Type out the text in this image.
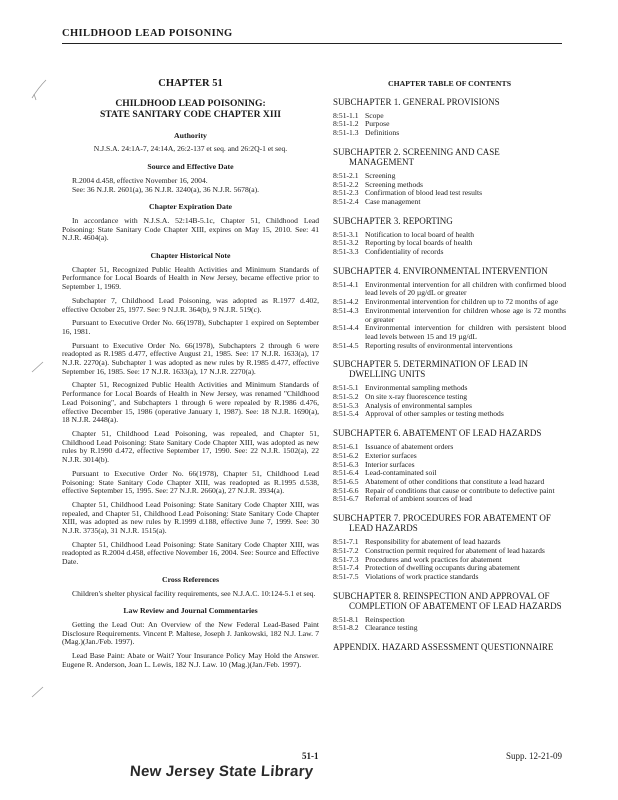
CHILDHOOD LEAD POISONING
CHAPTER 51
CHILDHOOD LEAD POISONING:
STATE SANITARY CODE CHAPTER XIII
Authority

N.J.S.A. 24:1A-7, 24:14A, 26:2-137 et seq. and 26:2Q-1 et seq.

Source and Effective Date

R.2004 d.458, effective November 16, 2004.

See: 36 N.J.R. 2601(a), 36 N.J.R. 3240(a), 36 N.J.R. 5678(a).

Chapter Expiration Date

In accordance with N.J.S.A. 52:14B-5.1c, Chapter 51, Childhood Lead Poisoning: State Sanitary Code Chapter XIII, expires on May 15, 2010. See: 41 N.J.R. 4604(a).

Chapter Historical Note

Chapter 51, Recognized Public Health Activities and Minimum Standards of Performance for Local Boards of Health in New Jersey, became effective prior to September 1, 1969.

Subchapter 7, Childhood Lead Poisoning, was adopted as R.1977 d.402, effective October 25, 1977. See: 9 N.J.R. 364(b), 9 N.J.R. 519(c).

Pursuant to Executive Order No. 66(1978), Subchapter 1 expired on September 16, 1981.

Pursuant to Executive Order No. 66(1978), Subchapters 2 through 6 were readopted as R.1985 d.477, effective August 21, 1985. See: 17 N.J.R. 1633(a), 17 N.J.R. 2270(a). Subchapter 1 was adopted as new rules by R.1985 d.477, effective September 16, 1985. See: 17 N.J.R. 1633(a), 17 N.J.R. 2270(a).

Chapter 51, Recognized Public Health Activities and Minimum Standards of Performance for Local Boards of Health in New Jersey, was renamed "Childhood Lead Poisoning", and Subchapters 1 through 6 were repealed by R.1986 d.476, effective December 15, 1986 (operative January 1, 1987). See: 18 N.J.R. 1690(a), 18 N.J.R. 2448(a).

Chapter 51, Childhood Lead Poisoning, was repealed, and Chapter 51, Childhood Lead Poisoning: State Sanitary Code Chapter XIII, was adopted as new rules by R.1990 d.472, effective September 17, 1990. See: 22 N.J.R. 1502(a), 22 N.J.R. 3014(b).

Pursuant to Executive Order No. 66(1978), Chapter 51, Childhood Lead Poisoning: State Sanitary Code Chapter XIII, was readopted as R.1995 d.538, effective September 15, 1995. See: 27 N.J.R. 2660(a), 27 N.J.R. 3934(a).

Chapter 51, Childhood Lead Poisoning: State Sanitary Code Chapter XIII, was repealed, and Chapter 51, Childhood Lead Poisoning: State Sanitary Code Chapter XIII, was adopted as new rules by R.1999 d.188, effective June 7, 1999. See: 30 N.J.R. 3735(a), 31 N.J.R. 1515(a).

Chapter 51, Childhood Lead Poisoning: State Sanitary Code Chapter XIII, was readopted as R.2004 d.458, effective November 16, 2004. See: Source and Effective Date.

Cross References

Children's shelter physical facility requirements, see N.J.A.C. 10:124-5.1 et seq.

Law Review and Journal Commentaries

Getting the Lead Out: An Overview of the New Federal Lead-Based Paint Disclosure Requirements. Vincent P. Maltese, Joseph J. Jankowski, 182 N.J. Law. 7 (Mag.)(Jan./Feb. 1997).

Lead Base Paint: Abate or Wait? Your Insurance Policy May Hold the Answer. Eugene R. Anderson, Joan L. Lewis, 182 N.J. Law. 10 (Mag.)(Jan./Feb. 1997).

CHAPTER TABLE OF CONTENTS
SUBCHAPTER 1. GENERAL PROVISIONS
8:51-1.1 Scope
8:51-1.2 Purpose
8:51-1.3 Definitions
SUBCHAPTER 2. SCREENING AND CASE
MANAGEMENT
8:51-2.1 Screening
8:51-2.2 Screening methods
8:51-2.3 Confirmation of blood lead test results
8:51-2.4 Case management
SUBCHAPTER 3. REPORTING
8:51-3.1 Notification to local board of health
8:51-3.2 Reporting by local boards of health
8:51-3.3 Confidentiality of records
SUBCHAPTER 4. ENVIRONMENTAL INTERVENTION
8:51-4.1 Environmental intervention for all children with confirmed blood lead levels of 20 µg/dL or greater
8:51-4.2 Environmental intervention for children up to 72 months of age
8:51-4.3 Environmental intervention for children whose age is 72 months or greater
8:51-4.4 Environmental intervention for children with persistent blood lead levels between 15 and 19 µg/dL
8:51-4.5 Reporting results of environmental interventions
SUBCHAPTER 5. DETERMINATION OF LEAD IN
DWELLING UNITS
8:51-5.1 Environmental sampling methods
8:51-5.2 On site x-ray fluorescence testing
8:51-5.3 Analysis of environmental samples
8:51-5.4 Approval of other samples or testing methods
SUBCHAPTER 6. ABATEMENT OF LEAD HAZARDS
8:51-6.1 Issuance of abatement orders
8:51-6.2 Exterior surfaces
8:51-6.3 Interior surfaces
8:51-6.4 Lead-contaminated soil
8:51-6.5 Abatement of other conditions that constitute a lead hazard
8:51-6.6 Repair of conditions that cause or contribute to defective paint
8:51-6.7 Referral of ambient sources of lead
SUBCHAPTER 7. PROCEDURES FOR ABATEMENT OF
LEAD HAZARDS
8:51-7.1 Responsibility for abatement of lead hazards
8:51-7.2 Construction permit required for abatement of lead hazards
8:51-7.3 Procedures and work practices for abatement
8:51-7.4 Protection of dwelling occupants during abatement
8:51-7.5 Violations of work practice standards
SUBCHAPTER 8. REINSPECTION AND APPROVAL OF
COMPLETION OF ABATEMENT OF LEAD HAZARDS
8:51-8.1 Reinspection
8:51-8.2 Clearance testing
APPENDIX. HAZARD ASSESSMENT QUESTIONNAIRE
51-1	Supp. 12-21-09
New Jersey State Library
